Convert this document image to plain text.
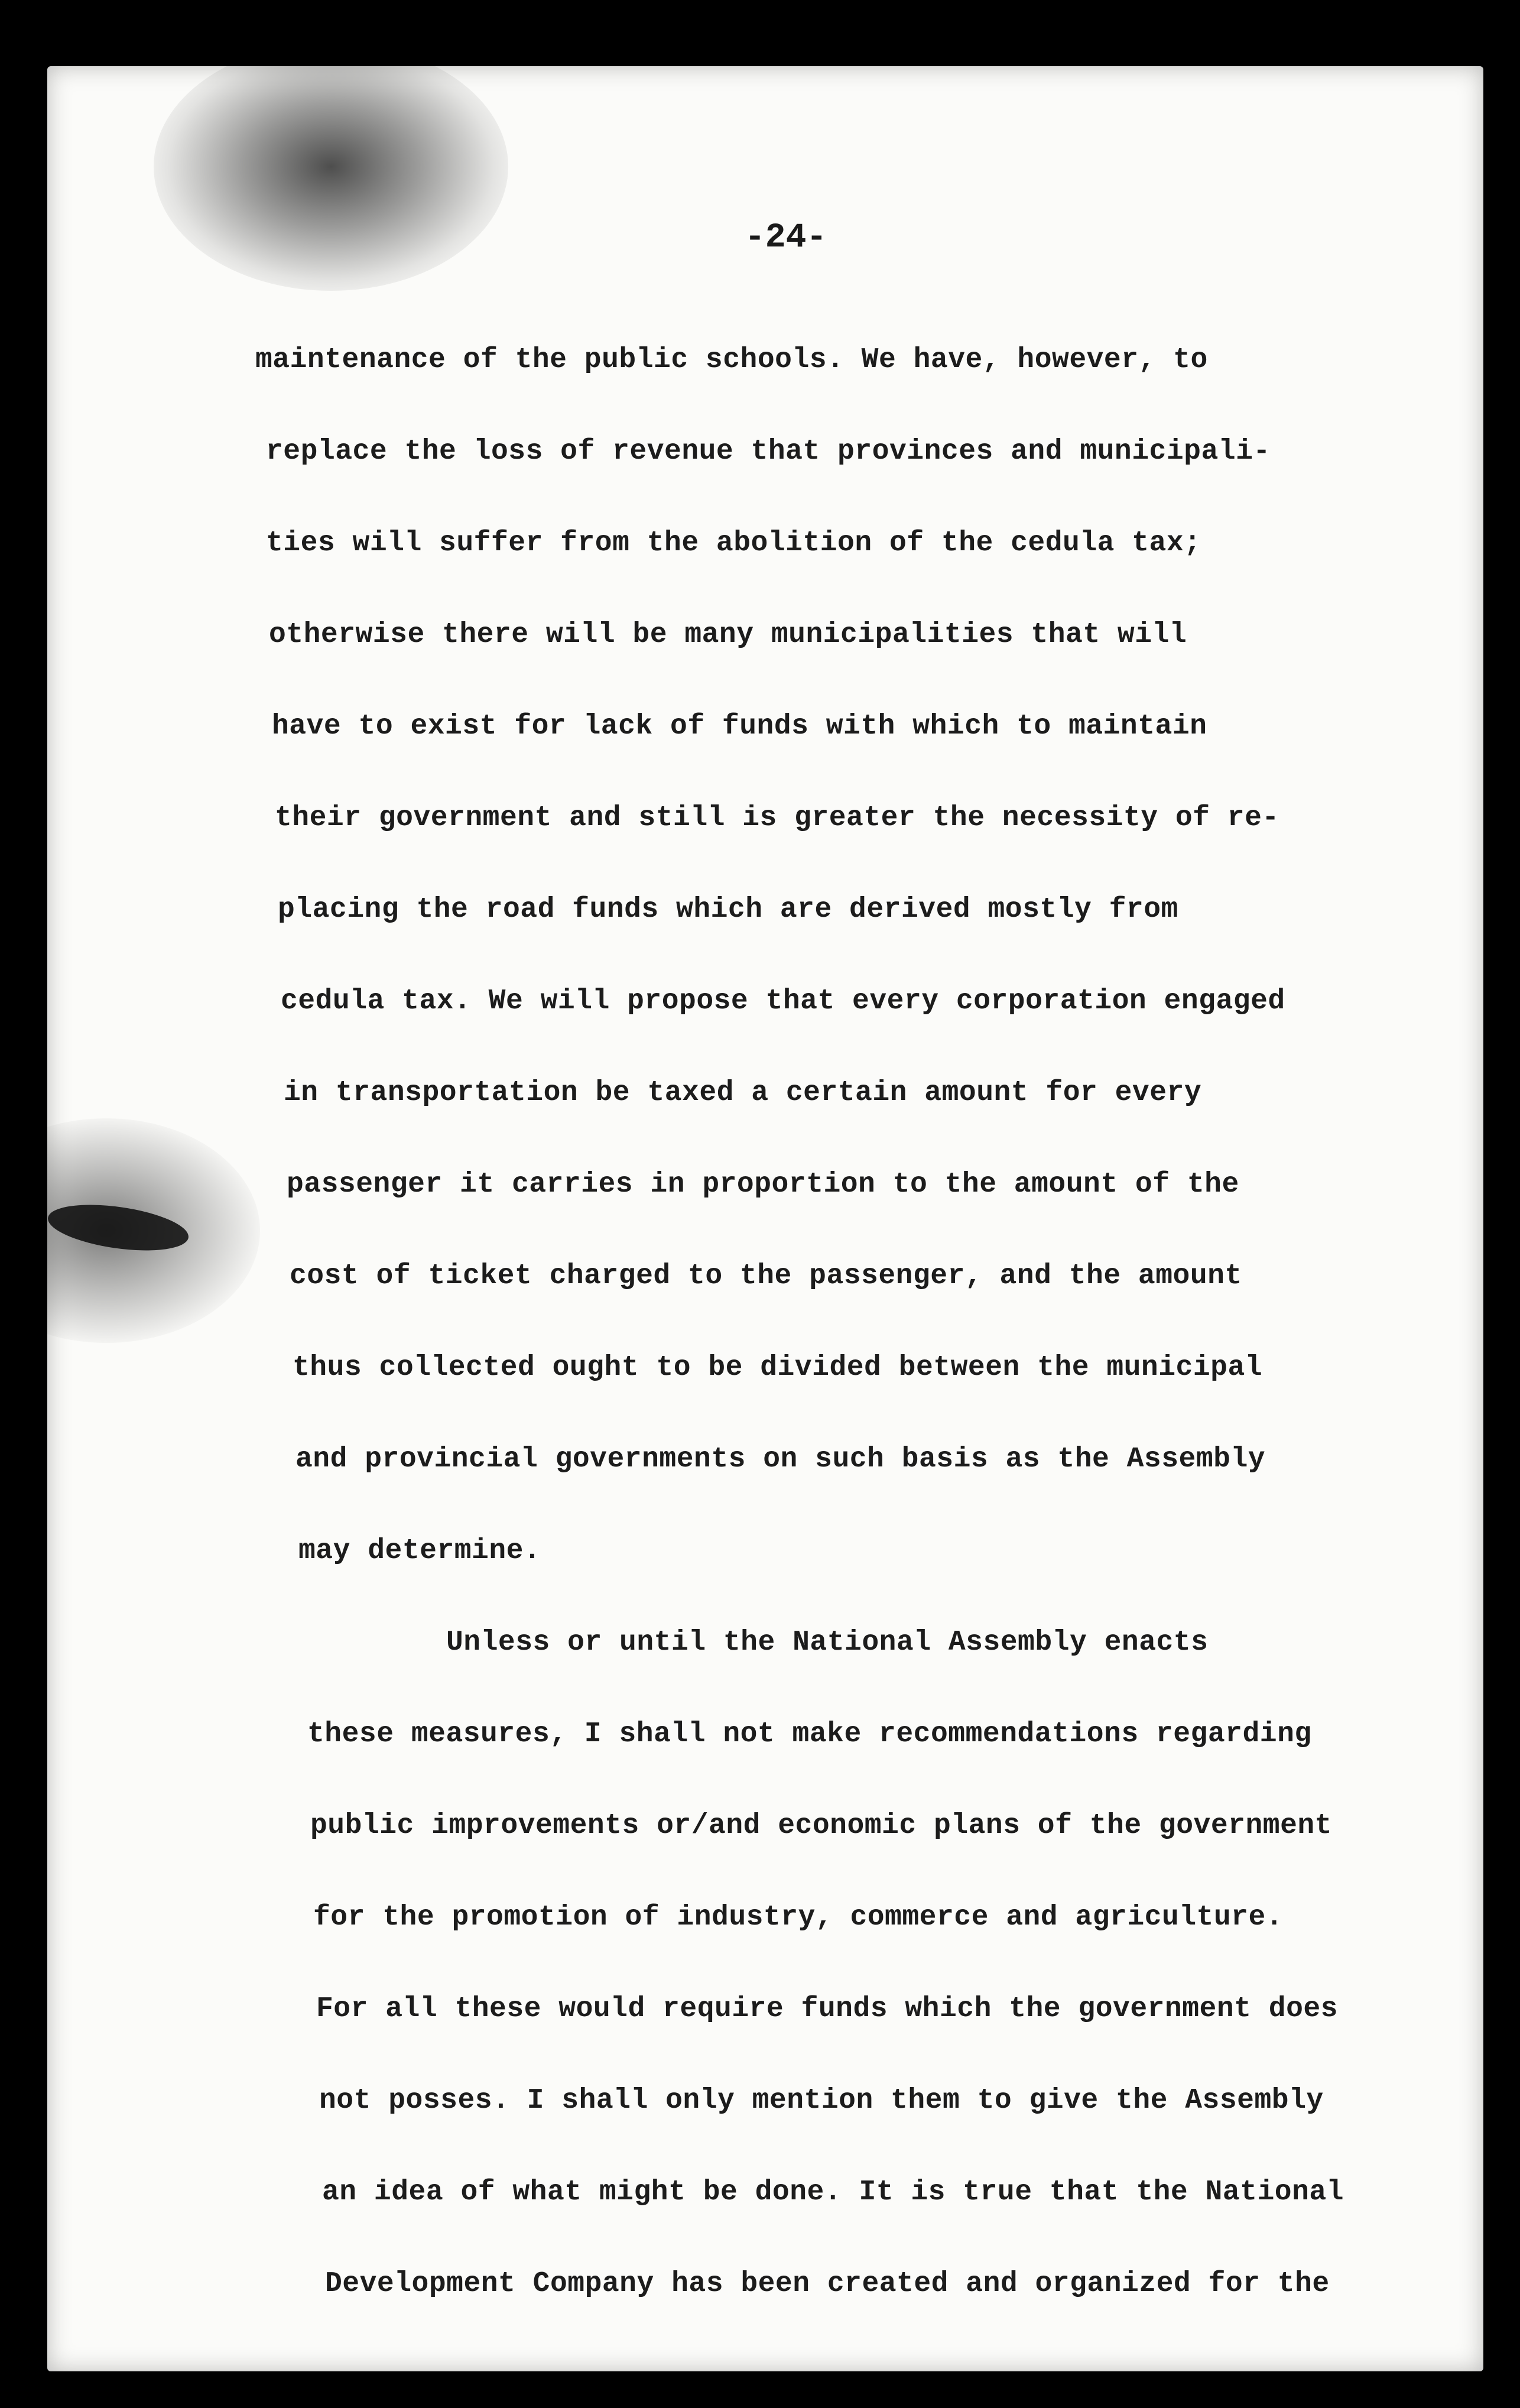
-24-
maintenance of the public schools. We have, however, to
replace the loss of revenue that provinces and municipali-
ties will suffer from the abolition of the cedula tax;
otherwise there will be many municipalities that will
have to exist for lack of funds with which to maintain
their government and still is greater the necessity of re-
placing the road funds which are derived mostly from
cedula tax. We will propose that every corporation engaged
in transportation be taxed a certain amount for every
passenger it carries in proportion to the amount of the
cost of ticket charged to the passenger, and the amount
thus collected ought to be divided between the municipal
and provincial governments on such basis as the Assembly
may determine.
Unless or until the National Assembly enacts
these measures, I shall not make recommendations regarding
public improvements or/and economic plans of the government
for the promotion of industry, commerce and agriculture.
For all these would require funds which the government does
not posses. I shall only mention them to give the Assembly
an idea of what might be done. It is true that the National
Development Company has been created and organized for the
